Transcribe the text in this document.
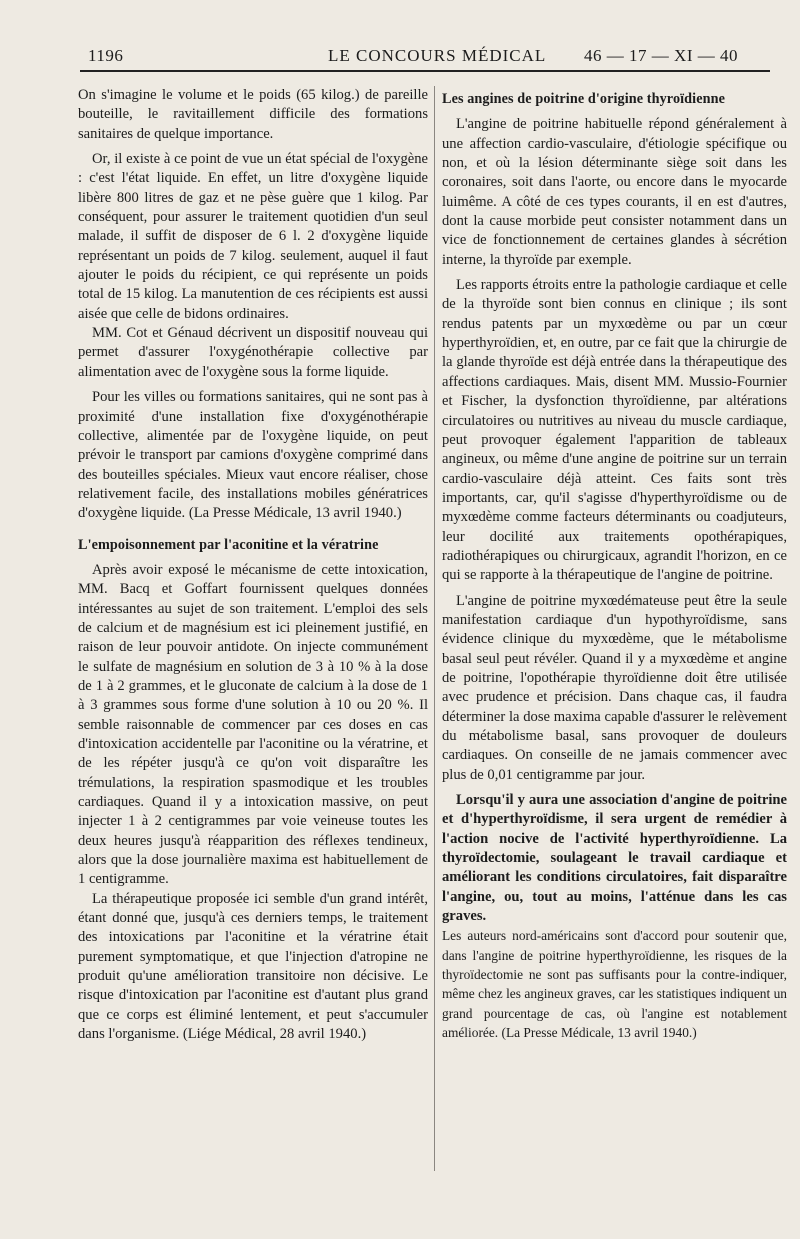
1196	LE CONCOURS MÉDICAL 46 — 17 — XI — 40

On s'imagine le volume et le poids (65 kilog.) de pareille bouteille, le ravitaillement difficile des formations sanitaires de quelque importance.

Or, il existe à ce point de vue un état spécial de l'oxygène : c'est l'état liquide. En effet, un litre d'oxygène liquide libère 800 litres de gaz et ne pèse guère que 1 kilog. Par conséquent, pour assurer le traitement quotidien d'un seul malade, il suffit de disposer de 6 l. 2 d'oxygène liquide représentant un poids de 7 kilog. seulement, auquel il faut ajouter le poids du récipient, ce qui représente un poids total de 15 kilog. La manutention de ces récipients est aussi aisée que celle de bidons ordinaires.

MM. Cot et Génaud décrivent un dispositif nouveau qui permet d'assurer l'oxygénothérapie collective par alimentation avec de l'oxygène sous la forme liquide.

Pour les villes ou formations sanitaires, qui ne sont pas à proximité d'une installation fixe d'oxygénothérapie collective, alimentée par de l'oxygène liquide, on peut prévoir le transport par camions d'oxygène comprimé dans des bouteilles spéciales. Mieux vaut encore réaliser, chose relativement facile, des installations mobiles génératrices d'oxygène liquide. (La Presse Médicale, 13 avril 1940.)

L'empoisonnement par l'aconitine et la vératrine

Après avoir exposé le mécanisme de cette intoxication, MM. Bacq et Goffart fournissent quelques données intéressantes au sujet de son traitement. L'emploi des sels de calcium et de magnésium est ici pleinement justifié, en raison de leur pouvoir antidote. On injecte communément le sulfate de magnésium en solution de 3 à 10 % à la dose de 1 à 2 grammes, et le gluconate de calcium à la dose de 1 à 3 grammes sous forme d'une solution à 10 ou 20 %. Il semble raisonnable de commencer par ces doses en cas d'intoxication accidentelle par l'aconitine ou la vératrine, et de les répéter jusqu'à ce qu'on voit disparaître les trémulations, la respiration spasmodique et les troubles cardiaques. Quand il y a intoxication massive, on peut injecter 1 à 2 centigrammes par voie veineuse toutes les deux heures jusqu'à réapparition des réflexes tendineux, alors que la dose journalière maxima est habituellement de 1 centigramme.

La thérapeutique proposée ici semble d'un grand intérêt, étant donné que, jusqu'à ces derniers temps, le traitement des intoxications par l'aconitine et la vératrine était purement symptomatique, et que l'injection d'atropine ne produit qu'une amélioration transitoire non décisive. Le risque d'intoxication par l'aconitine est d'autant plus grand que ce corps est éliminé lentement, et peut s'accumuler dans l'organisme. (Liége Médical, 28 avril 1940.)

Les angines de poitrine d'origine thyroïdienne

L'angine de poitrine habituelle répond généralement à une affection cardio-vasculaire, d'étiologie spécifique ou non, et où la lésion déterminante siège soit dans les coronaires, soit dans l'aorte, ou encore dans le myocarde luimême. A côté de ces types courants, il en est d'autres, dont la cause morbide peut consister notamment dans un vice de fonctionnement de certaines glandes à sécrétion interne, la thyroïde par exemple.

Les rapports étroits entre la pathologie cardiaque et celle de la thyroïde sont bien connus en clinique ; ils sont rendus patents par un myxœdème ou par un cœur hyperthyroïdien, et, en outre, par ce fait que la chirurgie de la glande thyroïde est déjà entrée dans la thérapeutique des affections cardiaques. Mais, disent MM. Mussio-Fournier et Fischer, la dysfonction thyroïdienne, par altérations circulatoires ou nutritives au niveau du muscle cardiaque, peut provoquer également l'apparition de tableaux angineux, ou même d'une angine de poitrine sur un terrain cardio-vasculaire déjà atteint. Ces faits sont très importants, car, qu'il s'agisse d'hyperthyroïdisme ou de myxœdème comme facteurs déterminants ou coadjuteurs, leur docilité aux traitements opothérapiques, radiothérapiques ou chirurgicaux, agrandit l'horizon, en ce qui se rapporte à la thérapeutique de l'angine de poitrine.

L'angine de poitrine myxœdémateuse peut être la seule manifestation cardiaque d'un hypothyroïdisme, sans évidence clinique du myxœdème, que le métabolisme basal seul peut révéler. Quand il y a myxœdème et angine de poitrine, l'opothérapie thyroïdienne doit être utilisée avec prudence et précision. Dans chaque cas, il faudra déterminer la dose maxima capable d'assurer le relèvement du métabolisme basal, sans provoquer de douleurs cardiaques. On conseille de ne jamais commencer avec plus de 0,01 centigramme par jour.

Lorsqu'il y aura une association d'angine de poitrine et d'hyperthyroïdisme, il sera urgent de remédier à l'action nocive de l'activité hyperthyroïdienne. La thyroïdectomie, soulageant le travail cardiaque et améliorant les conditions circulatoires, fait disparaître l'angine, ou, tout au moins, l'atténue dans les cas graves.

Les auteurs nord-américains sont d'accord pour soutenir que, dans l'angine de poitrine hyperthyroïdienne, les risques de la thyroïdectomie ne sont pas suffisants pour la contre-indiquer, même chez les angineux graves, car les statistiques indiquent un grand pourcentage de cas, où l'angine est notablement améliorée. (La Presse Médicale, 13 avril 1940.)
